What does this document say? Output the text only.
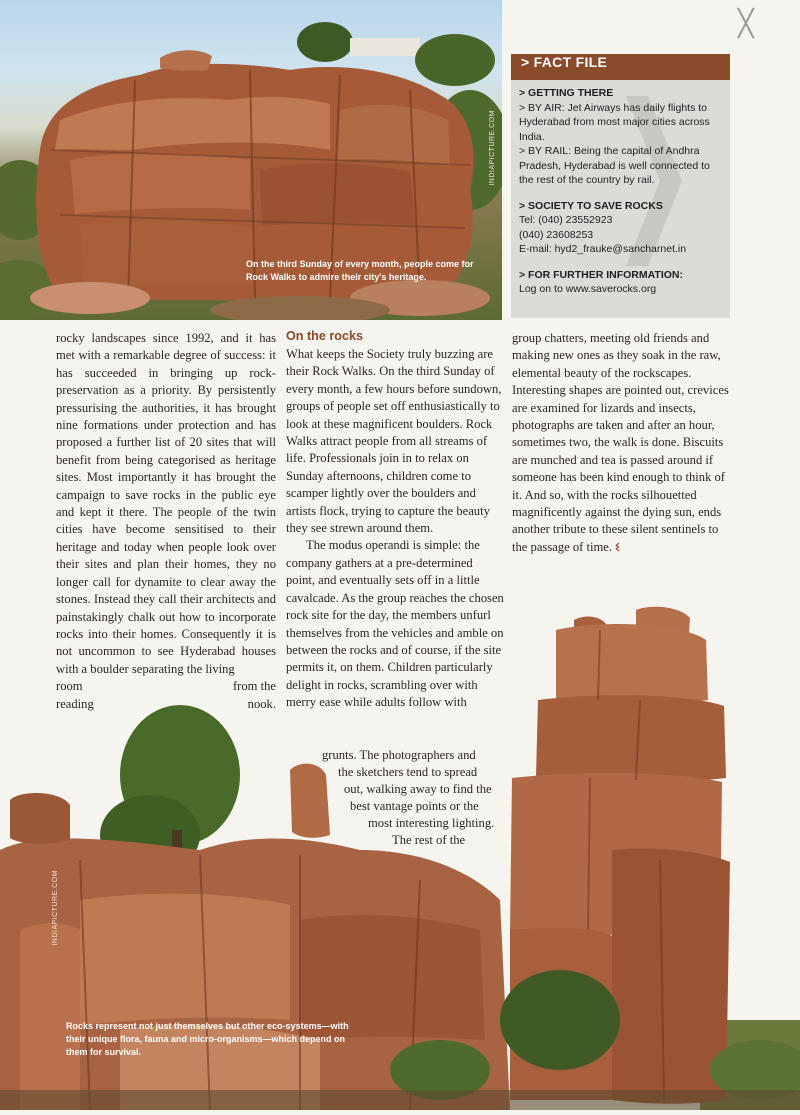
INDIAPICTURE.COM
On the third Sunday of every month, people come for Rock Walks to admire their city's heritage.
╳
> FACT FILE
> GETTING THERE
> BY AIR: Jet Airways has daily flights to Hyderabad from most major cities across India.
> BY RAIL: Being the capital of Andhra Pradesh, Hyderabad is well connected to the rest of the country by rail.
> SOCIETY TO SAVE ROCKS
Tel: (040) 23552923
(040) 23608253
E-mail: hyd2_frauke@sancharnet.in
> FOR FURTHER INFORMATION:
Log on to www.saverocks.org

rocky landscapes since 1992, and it has met with a remarkable degree of success: it has succeeded in bringing up rock-preservation as a priority. By persistently pressurising the authorities, it has brought nine formations under protection and has proposed a further list of 20 sites that will benefit from being categorised as heritage sites. Most importantly it has brought the campaign to save rocks in the public eye and kept it there. The people of the twin cities have become sensitised to their heritage and today when people look over their sites and plan their homes, they no longer call for dynamite to clear away the stones. Instead they call their architects and painstakingly chalk out how to incorporate rocks into their homes. Consequently it is not uncommon to see Hyderabad houses with a boulder separating the living

room	from the
reading	nook.
On the rocks

What keeps the Society truly buzzing are their Rock Walks. On the third Sunday of every month, a few hours before sundown, groups of people set off enthusiastically to look at these magnificent boulders. Rock Walks attract people from all streams of life. Professionals join in to relax on Sunday afternoons, children come to scamper lightly over the boulders and artists flock, trying to capture the beauty they see strewn around them.

The modus operandi is simple: the company gathers at a pre-determined point, and eventually sets off in a little cavalcade. As the group reaches the chosen rock site for the day, the members unfurl themselves from the vehicles and amble on between the rocks and of course, if the site permits it, on them. Children particularly delight in rocks, scrambling over with merry ease while adults follow with

grunts. The photographers and
the sketchers tend to spread
out, walking away to find the
best vantage points or the
most interesting lighting.
The rest of the

group chatters, meeting old friends and making new ones as they soak in the raw, elemental beauty of the rockscapes. Interesting shapes are pointed out, crevices are examined for lizards and insects, photographs are taken and after an hour, sometimes two, the walk is done. Biscuits are munched and tea is passed around if someone has been kind enough to think of it. And so, with the rocks silhouetted magnificently against the dying sun, ends another tribute to these silent sentinels to the passage of time. ଽ

INDIAPICTURE.COM
Rocks represent not just themselves but other eco-systems—with their unique flora, fauna and micro-organisms—which depend on them for survival.
